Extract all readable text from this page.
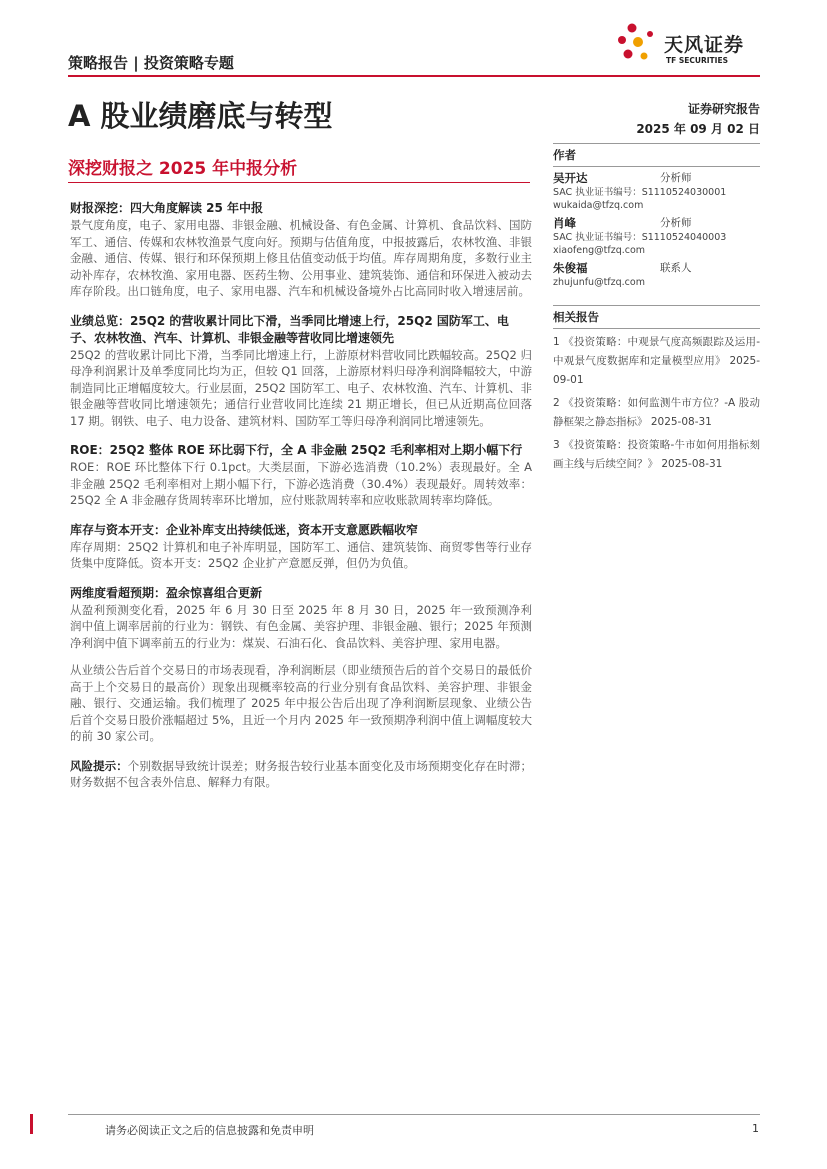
策略报告 | 投资策略专题
天风证券
TF SECURITIES
A 股业绩磨底与转型	证券研究报告
2025 年 09 月 02 日
深挖财报之 2025 年中报分析
财报深挖：四大角度解读 25 年中报

景气度角度，电子、家用电器、非银金融、机械设备、有色金属、计算机、食品饮料、国防军工、通信、传媒和农林牧渔景气度向好。预期与估值角度，中报披露后，农林牧渔、非银金融、通信、传媒、银行和环保预期上修且估值变动低于均值。库存周期角度，多数行业主动补库存，农林牧渔、家用电器、医药生物、公用事业、建筑装饰、通信和环保进入被动去库存阶段。出口链角度，电子、家用电器、汽车和机械设备境外占比高同时收入增速居前。

业绩总览：25Q2 的营收累计同比下滑，当季同比增速上行，25Q2 国防军工、电子、农林牧渔、汽车、计算机、非银金融等营收同比增速领先

25Q2 的营收累计同比下滑，当季同比增速上行，上游原材料营收同比跌幅较高。25Q2 归母净利润累计及单季度同比均为正，但较 Q1 回落，上游原材料归母净利润降幅较大，中游制造同比正增幅度较大。行业层面，25Q2 国防军工、电子、农林牧渔、汽车、计算机、非银金融等营收同比增速领先；通信行业营收同比连续 21 期正增长，但已从近期高位回落 17 期。钢铁、电子、电力设备、建筑材料、国防军工等归母净利润同比增速领先。

ROE：25Q2 整体 ROE 环比弱下行，全 A 非金融 25Q2 毛利率相对上期小幅下行

ROE：ROE 环比整体下行 0.1pct。大类层面，下游必选消费（10.2%）表现最好。全 A 非金融 25Q2 毛利率相对上期小幅下行，下游必选消费（30.4%）表现最好。周转效率：25Q2 全 A 非金融存货周转率环比增加，应付账款周转率和应收账款周转率均降低。

库存与资本开支：企业补库支出持续低迷，资本开支意愿跌幅收窄

库存周期：25Q2 计算机和电子补库明显，国防军工、通信、建筑装饰、商贸零售等行业存货集中度降低。资本开支：25Q2 企业扩产意愿反弹，但仍为负值。

两维度看超预期：盈余惊喜组合更新

从盈利预测变化看，2025 年 6 月 30 日至 2025 年 8 月 30 日，2025 年一致预测净利润中值上调率居前的行业为：钢铁、有色金属、美容护理、非银金融、银行；2025 年预测净利润中值下调率前五的行业为：煤炭、石油石化、食品饮料、美容护理、家用电器。

从业绩公告后首个交易日的市场表现看，净利润断层（即业绩预告后的首个交易日的最低价高于上个交易日的最高价）现象出现概率较高的行业分别有食品饮料、美容护理、非银金融、银行、交通运输。我们梳理了 2025 年中报公告后出现了净利润断层现象、业绩公告后首个交易日股价涨幅超过 5%，且近一个月内 2025 年一致预期净利润中值上调幅度较大的前 30 家公司。

风险提示：个别数据导致统计误差；财务报告较行业基本面变化及市场预期变化存在时滞；财务数据不包含表外信息、解释力有限。
作者
吴开达	分析师
SAC 执业证书编号：S1110524030001
wukaida@tfzq.com
肖峰	分析师
SAC 执业证书编号：S1110524040003
xiaofeng@tfzq.com
朱俊福	联系人
zhujunfu@tfzq.com
相关报告
1 《投资策略：中观景气度高频跟踪及运用-中观景气度数据库和定量模型应用》 2025-09-01
2 《投资策略：如何监测牛市方位？-A 股动静框架之静态指标》 2025-08-31
3 《投资策略：投资策略-牛市如何用指标刻画主线与后续空间？》 2025-08-31
请务必阅读正文之后的信息披露和免责申明	1
